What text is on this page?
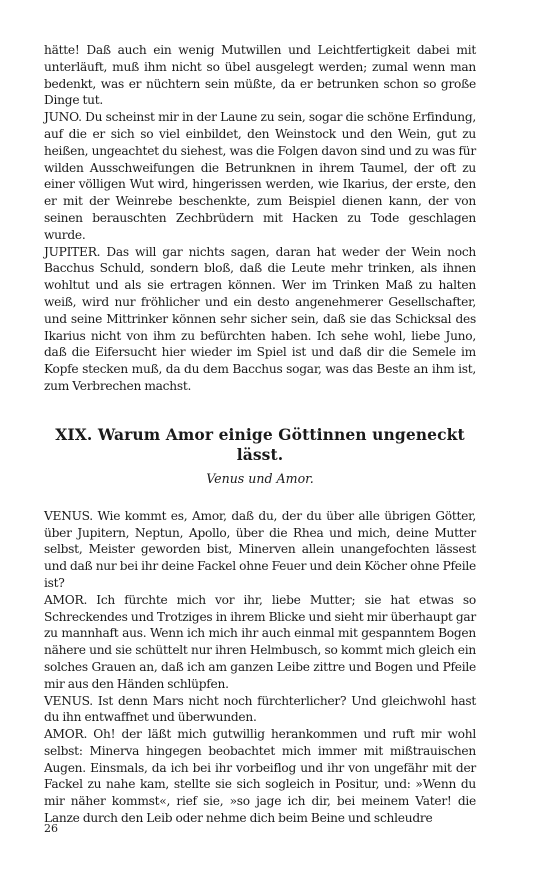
hätte! Daß auch ein wenig Mutwillen und Leichtfertigkeit dabei mit unterläuft, muß ihm nicht so übel ausgelegt werden; zumal wenn man bedenkt, was er nüchtern sein müßte, da er betrunken schon so große Dinge tut.

JUNO. Du scheinst mir in der Laune zu sein, sogar die schöne Erfindung, auf die er sich so viel einbildet, den Weinstock und den Wein, gut zu heißen, ungeachtet du siehest, was die Folgen davon sind und zu was für wilden Ausschweifungen die Betrunknen in ihrem Taumel, der oft zu einer völligen Wut wird, hingerissen werden, wie Ikarius, der erste, den er mit der Weinrebe beschenkte, zum Beispiel dienen kann, der von seinen berauschten Zechbrüdern mit Hacken zu Tode geschlagen wurde.

JUPITER. Das will gar nichts sagen, daran hat weder der Wein noch Bacchus Schuld, sondern bloß, daß die Leute mehr trinken, als ihnen wohltut und als sie ertragen können. Wer im Trinken Maß zu halten weiß, wird nur fröhlicher und ein desto angenehmerer Gesellschafter, und seine Mittrinker können sehr sicher sein, daß sie das Schicksal des Ikarius nicht von ihm zu befürchten haben. Ich sehe wohl, liebe Juno, daß die Eifersucht hier wieder im Spiel ist und daß dir die Semele im Kopfe stecken muß, da du dem Bacchus sogar, was das Beste an ihm ist, zum Verbrechen machst.

XIX. Warum Amor einige Göttinnen ungeneckt lässt.
Venus und Amor.

VENUS. Wie kommt es, Amor, daß du, der du über alle übrigen Götter, über Jupitern, Neptun, Apollo, über die Rhea und mich, deine Mutter selbst, Meister geworden bist, Minerven allein unangefochten lässest und daß nur bei ihr deine Fackel ohne Feuer und dein Köcher ohne Pfeile ist?

AMOR. Ich fürchte mich vor ihr, liebe Mutter; sie hat etwas so Schreckendes und Trotziges in ihrem Blicke und sieht mir überhaupt gar zu mannhaft aus. Wenn ich mich ihr auch einmal mit gespanntem Bogen nähere und sie schüttelt nur ihren Helmbusch, so kommt mich gleich ein solches Grauen an, daß ich am ganzen Leibe zittre und Bogen und Pfeile mir aus den Händen schlüpfen.

VENUS. Ist denn Mars nicht noch fürchterlicher? Und gleichwohl hast du ihn entwaffnet und überwunden.

AMOR. Oh! der läßt mich gutwillig herankommen und ruft mir wohl selbst: Minerva hingegen beobachtet mich immer mit mißtrauischen Augen. Einsmals, da ich bei ihr vorbeiflog und ihr von ungefähr mit der Fackel zu nahe kam, stellte sie sich sogleich in Positur, und: »Wenn du mir näher kommst«, rief sie, »so jage ich dir, bei meinem Vater! die Lanze durch den Leib oder nehme dich beim Beine und schleudre

26
